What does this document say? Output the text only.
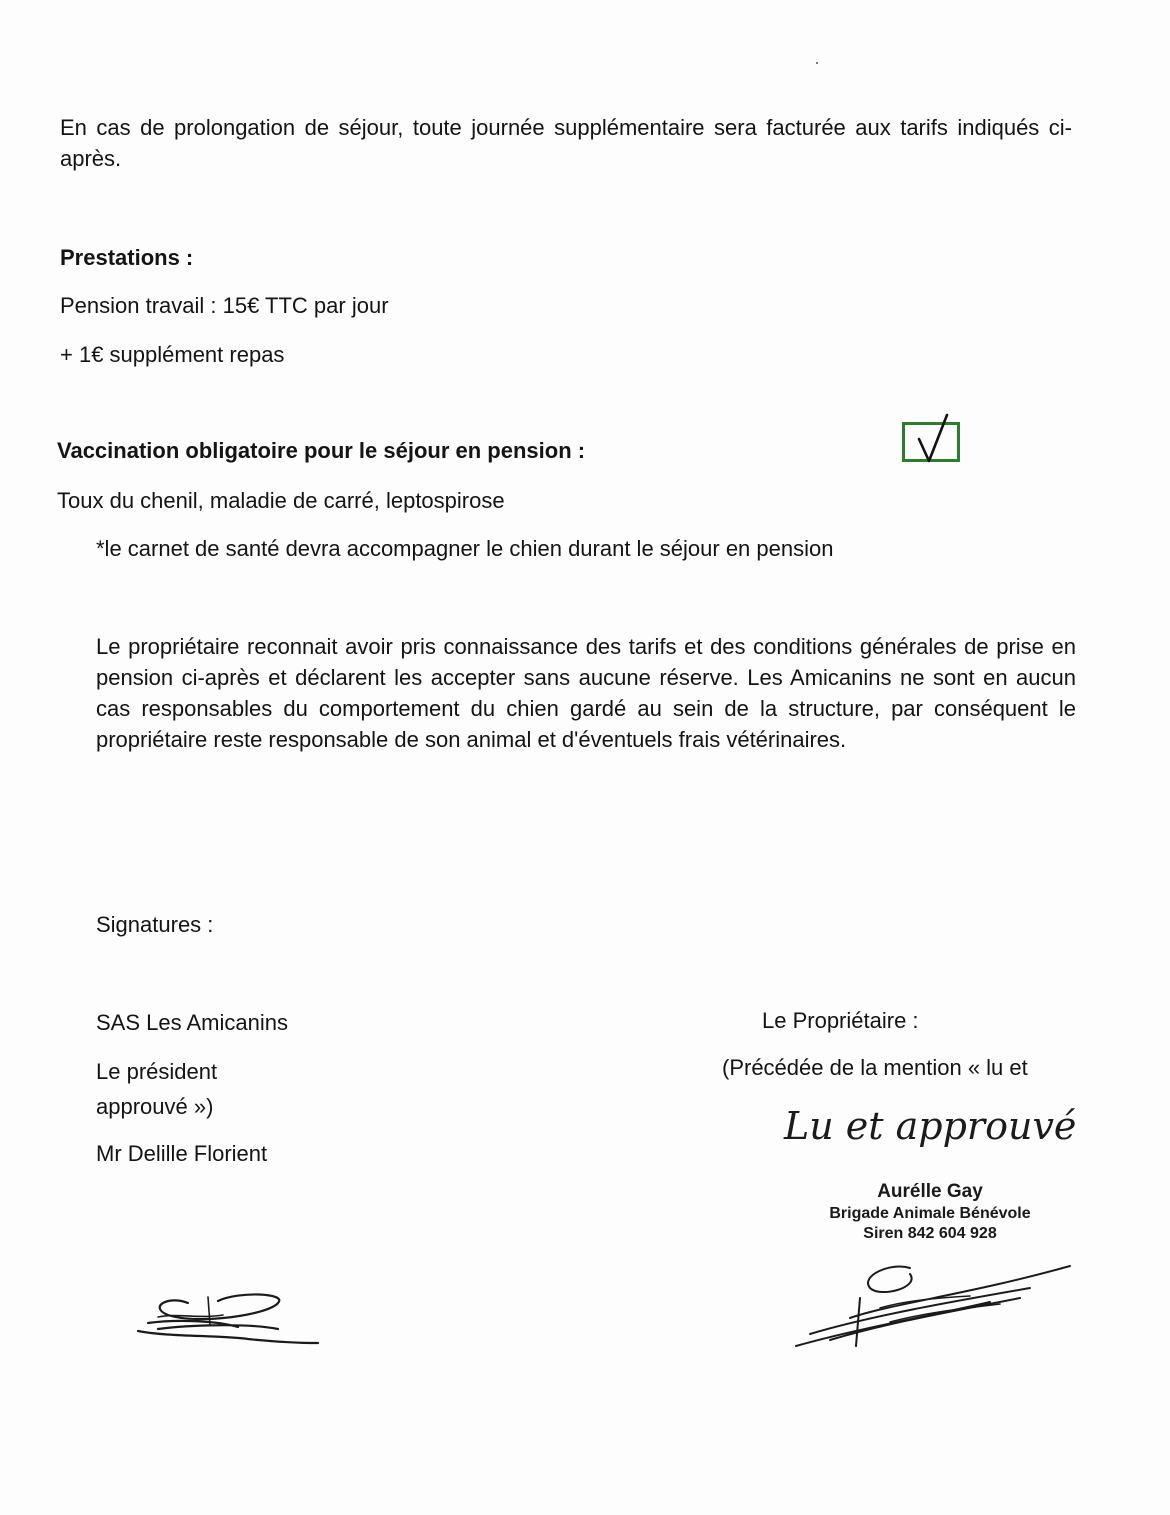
En cas de prolongation de séjour, toute journée supplémentaire sera facturée aux tarifs indiqués ci-après.
Prestations :
Pension travail : 15€ TTC par jour
+ 1€ supplément repas
Vaccination obligatoire pour le séjour en pension :
Toux du chenil, maladie de carré, leptospirose
*le carnet de santé devra accompagner le chien durant le séjour en pension
Le propriétaire reconnait avoir pris connaissance des tarifs et des conditions générales de prise en pension ci-après et déclarent les accepter sans aucune réserve. Les Amicanins ne sont en aucun cas responsables du comportement du chien gardé au sein de la structure, par conséquent le propriétaire reste responsable de son animal et d'éventuels frais vétérinaires.
Signatures :
SAS Les Amicanins
Le président
approuvé »)
Mr Delille Florient
Le Propriétaire :
(Précédée de la mention « lu et
Lu et approuvé
Aurélle Gay
Brigade Animale Bénévole
Siren 842 604 928
